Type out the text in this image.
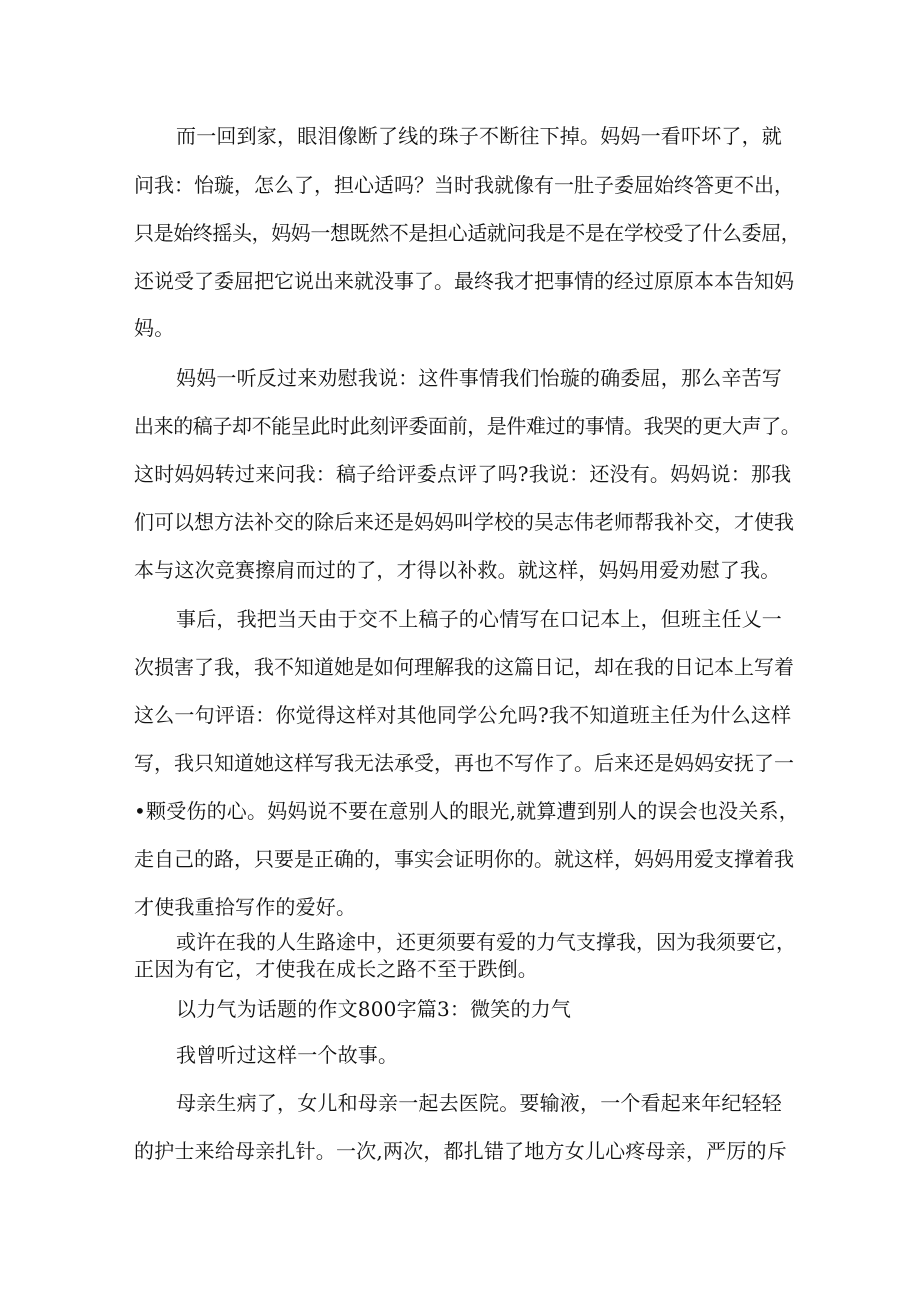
而一回到家，眼泪像断了线的珠子不断往下掉。妈妈一看吓坏了，就

问我：怡璇，怎么了，担心适吗？当时我就像有一肚子委屈始终答更不出，

只是始终摇头，妈妈一想既然不是担心适就问我是不是在学校受了什么委屈，

还说受了委屈把它说出来就没事了。最终我才把事情的经过原原本本告知妈

妈。

妈妈一听反过来劝慰我说：这件事情我们怡璇的确委屈，那么辛苦写

出来的稿子却不能呈此时此刻评委面前，是件难过的事情。我哭的更大声了。

这时妈妈转过来问我：稿子给评委点评了吗?我说：还没有。妈妈说：那我

们可以想方法补交的除后来还是妈妈叫学校的吴志伟老师帮我补交，才使我

本与这次竞赛擦肩而过的了，才得以补救。就这样，妈妈用爱劝慰了我。

事后，我把当天由于交不上稿子的心情写在口记本上，但班主任乂一

次损害了我，我不知道她是如何理解我的这篇日记，却在我的日记本上写着

这么一句评语：你觉得这样对其他同学公允吗?我不知道班主任为什么这样

写，我只知道她这样写我无法承受，再也不写作了。后来还是妈妈安抚了一

•颗受伤的心。妈妈说不要在意别人的眼光,就算遭到别人的误会也没关系，

走自己的路，只要是正确的，事实会证明你的。就这样，妈妈用爱支撑着我

才使我重拾写作的爱好。

或许在我的人生路途中，还更须要有爱的力气支撑我，因为我须要它，

正因为有它，才使我在成长之路不至于跌倒。

以力气为话题的作文800字篇3：微笑的力气

我曾听过这样一个故事。

母亲生病了，女儿和母亲一起去医院。要输液，一个看起来年纪轻轻

的护士来给母亲扎针。一次,两次，都扎错了地方女儿心疼母亲，严厉的斥
